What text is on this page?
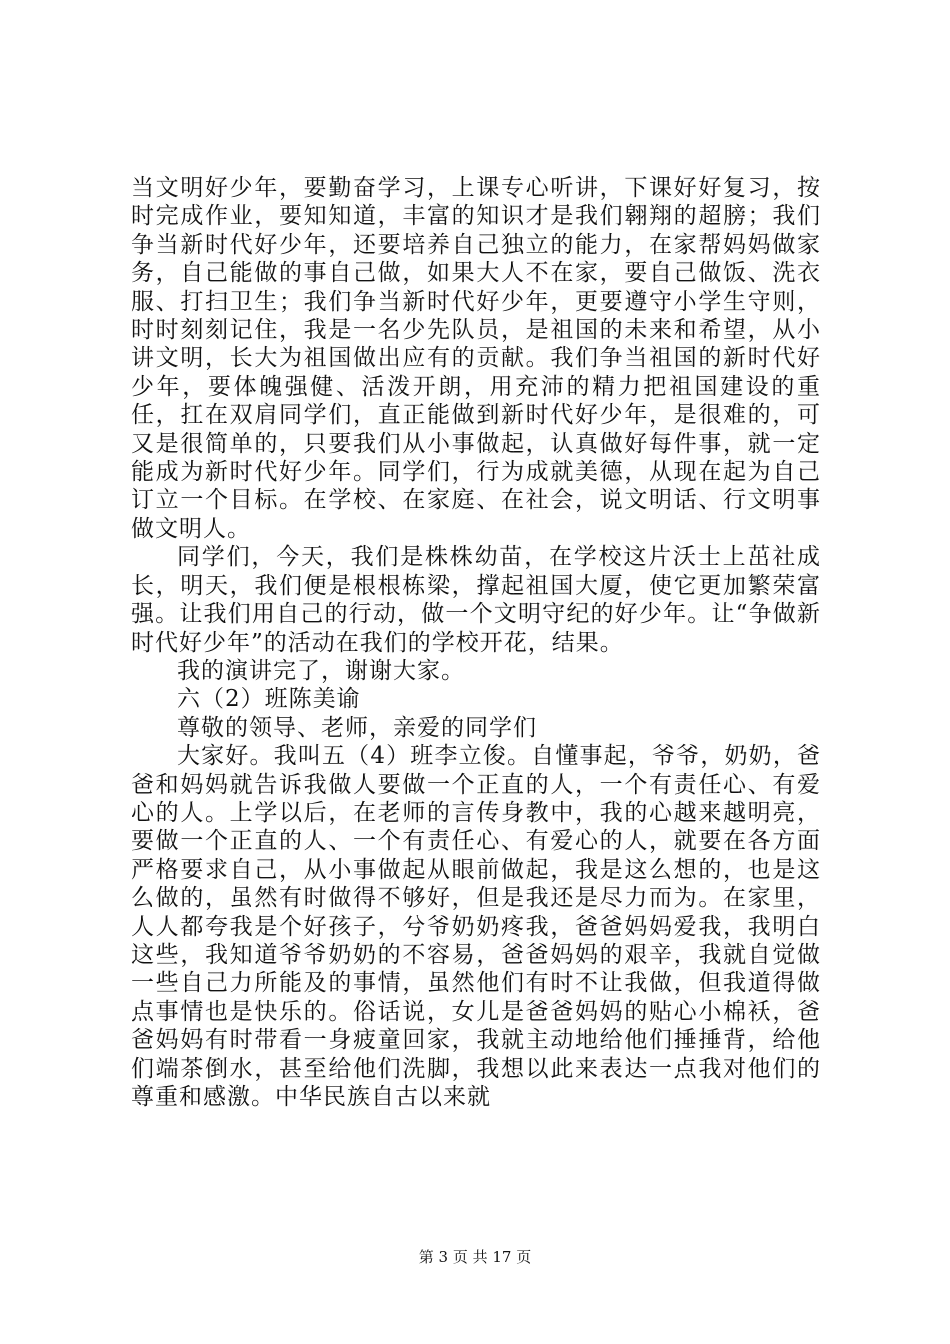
当文明好少年，要勤奋学习，上课专心听讲，下课好好复习，按时完成作业，要知知道，丰富的知识才是我们翱翔的超膀；我们争当新时代好少年，还要培养自己独立的能力，在家帮妈妈做家务，自己能做的事自己做，如果大人不在家，要自己做饭、洗衣服、打扫卫生；我们争当新时代好少年，更要遵守小学生守则，时时刻刻记住，我是一名少先队员，是祖国的未来和希望，从小讲文明，长大为祖国做出应有的贡献。我们争当祖国的新时代好少年，要体魄强健、活泼开朗，用充沛的精力把祖国建设的重任，扛在双肩同学们，直正能做到新时代好少年，是很难的，可又是很简单的，只要我们从小事做起，认真做好每件事，就一定能成为新时代好少年。同学们，行为成就美德，从现在起为自己订立一个目标。在学校、在家庭、在社会，说文明话、行文明事做文明人。

同学们，今天，我们是株株幼苗，在学校这片沃士上茁社成长，明天，我们便是根根栋梁，撑起祖国大厦，使它更加繁荣富强。让我们用自己的行动，做一个文明守纪的好少年。让“争做新时代好少年”的活动在我们的学校开花，结果。

我的演讲完了，谢谢大家。

六（2）班陈美谕

尊敬的领导、老师，亲爱的同学们

大家好。我叫五（4）班李立俊。自懂事起，爷爷，奶奶，爸爸和妈妈就告诉我做人要做一个正直的人，一个有责任心、有爱心的人。上学以后，在老师的言传身教中，我的心越来越明亮，要做一个正直的人、一个有责任心、有爱心的人，就要在各方面严格要求自己，从小事做起从眼前做起，我是这么想的，也是这么做的，虽然有时做得不够好，但是我还是尽力而为。在家里，人人都夸我是个好孩子，兮爷奶奶疼我，爸爸妈妈爱我，我明白这些，我知道爷爷奶奶的不容易，爸爸妈妈的艰辛，我就自觉做一些自己力所能及的事情，虽然他们有时不让我做，但我道得做点事情也是快乐的。俗话说，女儿是爸爸妈妈的贴心小棉袄，爸爸妈妈有时带看一身疲童回家，我就主动地给他们捶捶背，给他们端茶倒水，甚至给他们洗脚，我想以此来表达一点我对他们的尊重和感激。中华民族自古以来就

第 3 页 共 17 页
